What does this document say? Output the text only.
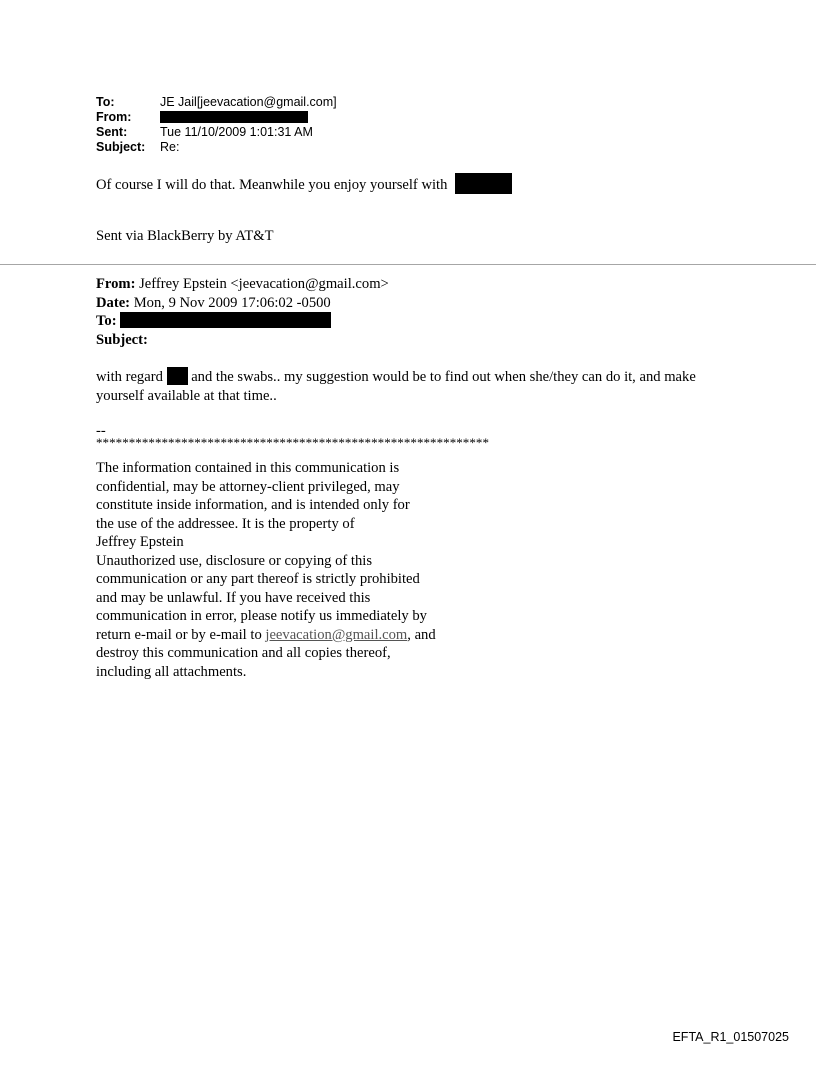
To:	JE Jail[jeevacation@gmail.com]
From:
Sent:	Tue 11/10/2009 1:01:31 AM
Subject: Re:
Of course I will do that. Meanwhile you enjoy yourself with
Sent via BlackBerry by AT&T
From: Jeffrey Epstein <jeevacation@gmail.com>
Date: Mon, 9 Nov 2009 17:06:02 -0500
To:
Subject:
with regard and the swabs.. my suggestion would be to find out when she/they can do it, and make yourself available at that time..
--
************************************************************
The information contained in this communication is
confidential, may be attorney-client privileged, may
constitute inside information, and is intended only for
the use of the addressee. It is the property of
Jeffrey Epstein
Unauthorized use, disclosure or copying of this
communication or any part thereof is strictly prohibited
and may be unlawful. If you have received this
communication in error, please notify us immediately by
return e-mail or by e-mail to jeevacation@gmail.com, and
destroy this communication and all copies thereof,
including all attachments.
EFTA_R1_01507025
